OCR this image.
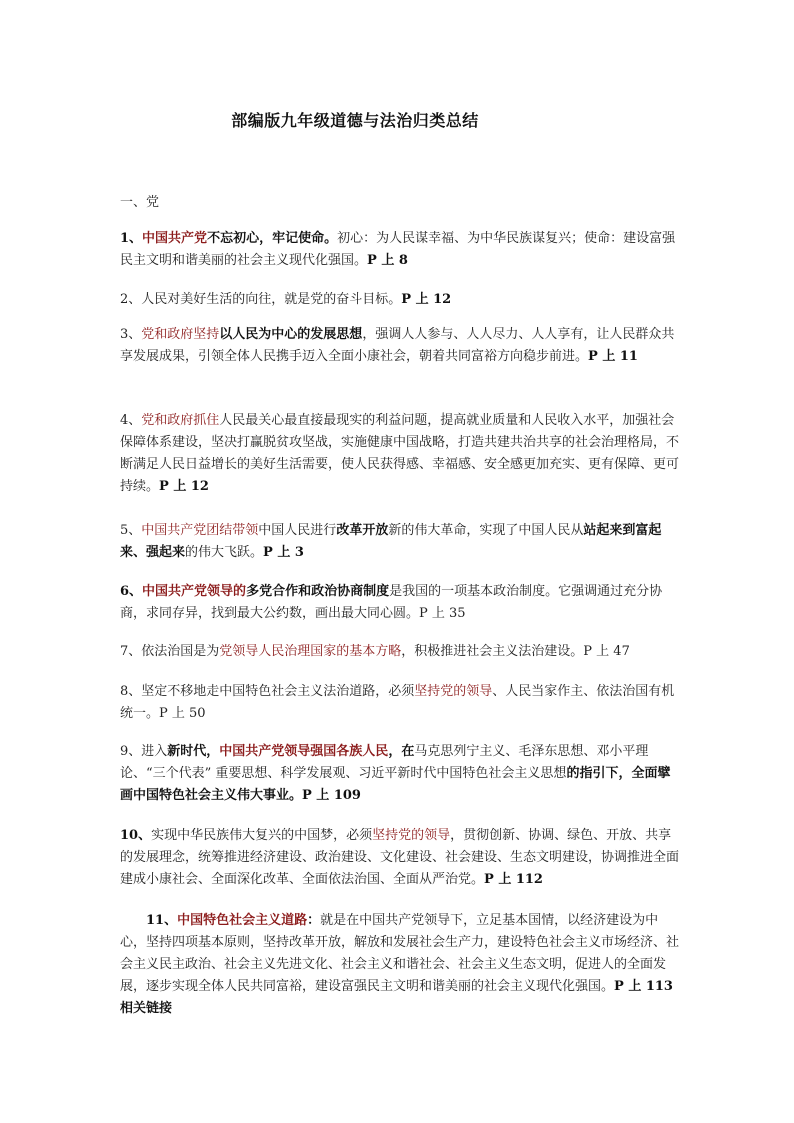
部编版九年级道德与法治归类总结
一、党

1、中国共产党不忘初心，牢记使命。初心：为人民谋幸福、为中华民族谋复兴；使命：建设富强民主文明和谐美丽的社会主义现代化强国。P 上 8

2、人民对美好生活的向往，就是党的奋斗目标。P 上 12

3、党和政府坚持以人民为中心的发展思想，强调人人参与、人人尽力、人人享有，让人民群众共享发展成果，引领全体人民携手迈入全面小康社会，朝着共同富裕方向稳步前进。P 上 11

4、党和政府抓住人民最关心最直接最现实的利益问题，提高就业质量和人民收入水平，加强社会保障体系建设，坚决打赢脱贫攻坚战，实施健康中国战略，打造共建共治共享的社会治理格局，不断满足人民日益增长的美好生活需要，使人民获得感、幸福感、安全感更加充实、更有保障、更可持续。P 上 12

5、中国共产党团结带领中国人民进行改革开放新的伟大革命，实现了中国人民从站起来到富起来、强起来的伟大飞跃。P 上 3

6、中国共产党领导的多党合作和政治协商制度是我国的一项基本政治制度。它强调通过充分协商，求同存异，找到最大公约数，画出最大同心圆。P 上 35

7、依法治国是为党领导人民治理国家的基本方略，积极推进社会主义法治建设。P 上 47

8、坚定不移地走中国特色社会主义法治道路，必须坚持党的领导、人民当家作主、依法治国有机统一。P 上 50

9、进入新时代，中国共产党领导强国各族人民，在马克思列宁主义、毛泽东思想、邓小平理论、“三个代表” 重要思想、科学发展观、习近平新时代中国特色社会主义思想的指引下，全面擘画中国特色社会主义伟大事业。P 上 109

10、实现中华民族伟大复兴的中国梦，必须坚持党的领导，贯彻创新、协调、绿色、开放、共享的发展理念，统筹推进经济建设、政治建设、文化建设、社会建设、生态文明建设，协调推进全面建成小康社会、全面深化改革、全面依法治国、全面从严治党。P 上 112

11、中国特色社会主义道路：就是在中国共产党领导下，立足基本国情，以经济建设为中心，坚持四项基本原则，坚持改革开放，解放和发展社会生产力，建设特色社会主义市场经济、社会主义民主政治、社会主义先进文化、社会主义和谐社会、社会主义生态文明，促进人的全面发展，逐步实现全体人民共同富裕，建设富强民主文明和谐美丽的社会主义现代化强国。P 上 113 相关链接
